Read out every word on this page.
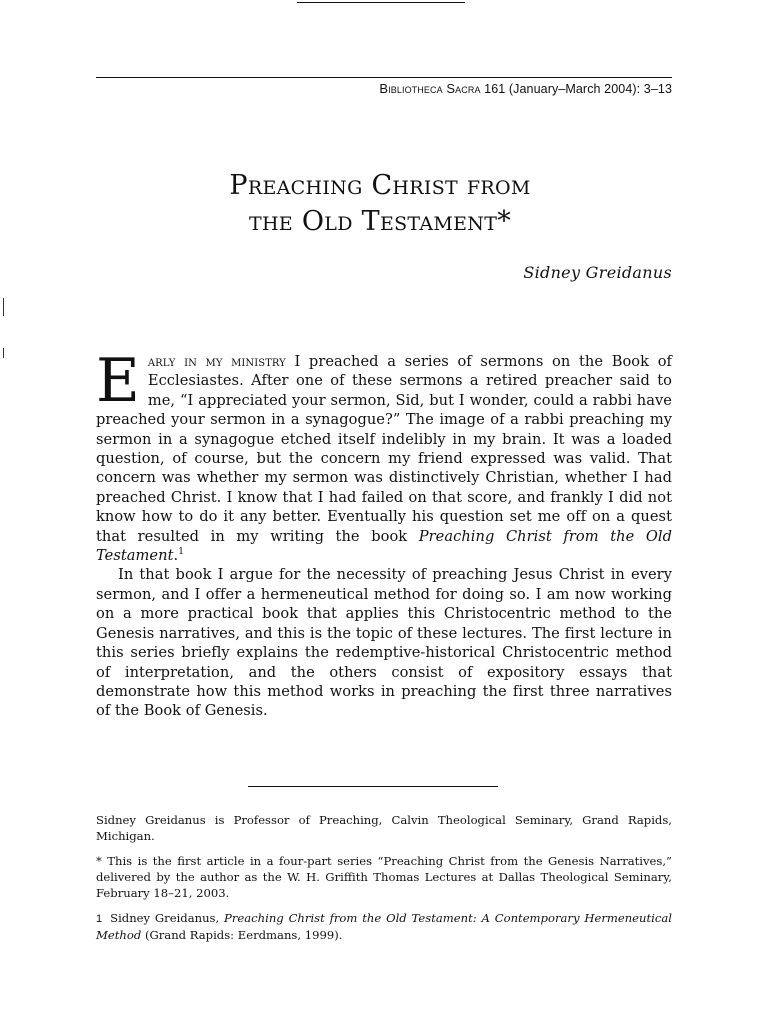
Bibliotheca Sacra 161 (January–March 2004): 3–13
Preaching Christ from
the Old Testament*
Sidney Greidanus

Early in my ministry I preached a series of sermons on the Book of Ecclesiastes. After one of these sermons a retired preacher said to me, “I appreciated your sermon, Sid, but I wonder, could a rabbi have preached your sermon in a synagogue?” The image of a rabbi preaching my sermon in a synagogue etched itself indelibly in my brain. It was a loaded question, of course, but the concern my friend expressed was valid. That concern was whether my sermon was distinctively Christian, whether I had preached Christ. I know that I had failed on that score, and frankly I did not know how to do it any better. Eventually his question set me off on a quest that resulted in my writing the book Preaching Christ from the Old Testament.$^1$

In that book I argue for the necessity of preaching Jesus Christ in every sermon, and I offer a hermeneutical method for doing so. I am now working on a more practical book that applies this Christocentric method to the Genesis narratives, and this is the topic of these lectures. The first lecture in this series briefly explains the redemptive-historical Christocentric method of interpretation, and the others consist of expository essays that demonstrate how this method works in preaching the first three narratives of the Book of Genesis.

Sidney Greidanus is Professor of Preaching, Calvin Theological Seminary, Grand Rapids, Michigan.

* This is the first article in a four-part series “Preaching Christ from the Genesis Narratives,” delivered by the author as the W. H. Griffith Thomas Lectures at Dallas Theological Seminary, February 18–21, 2003.

1 Sidney Greidanus, Preaching Christ from the Old Testament: A Contemporary Hermeneutical Method (Grand Rapids: Eerdmans, 1999).
